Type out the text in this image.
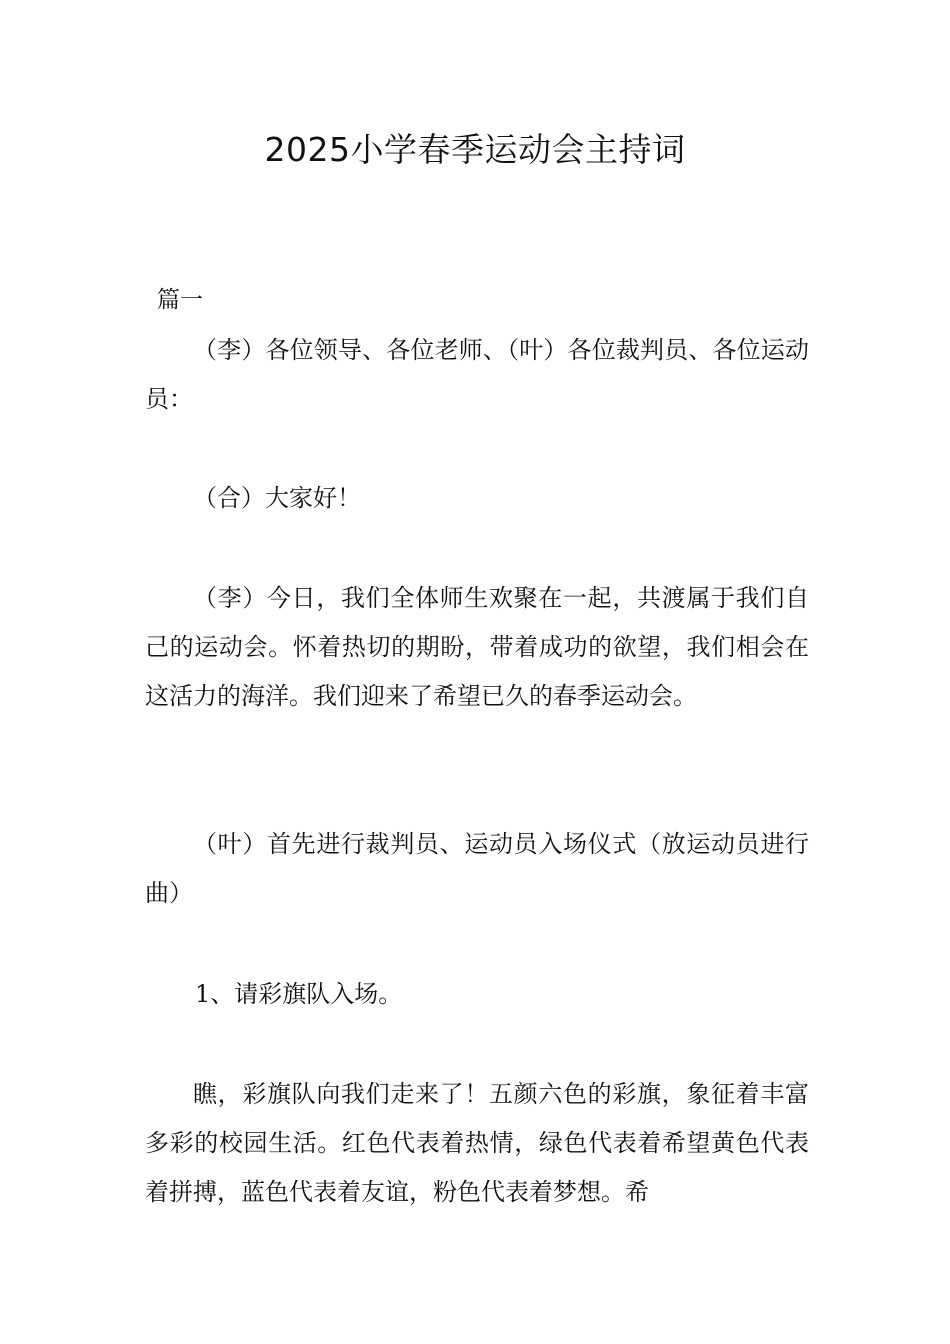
2025小学春季运动会主持词

篇一

（李）各位领导、各位老师、（叶）各位裁判员、各位运动员：

（合）大家好！

（李）今日，我们全体师生欢聚在一起，共渡属于我们自己的运动会。怀着热切的期盼，带着成功的欲望，我们相会在这活力的海洋。我们迎来了希望已久的春季运动会。

（叶）首先进行裁判员、运动员入场仪式（放运动员进行曲）

1、请彩旗队入场。

瞧，彩旗队向我们走来了！五颜六色的彩旗，象征着丰富多彩的校园生活。红色代表着热情，绿色代表着希望黄色代表着拼搏，蓝色代表着友谊，粉色代表着梦想。希
